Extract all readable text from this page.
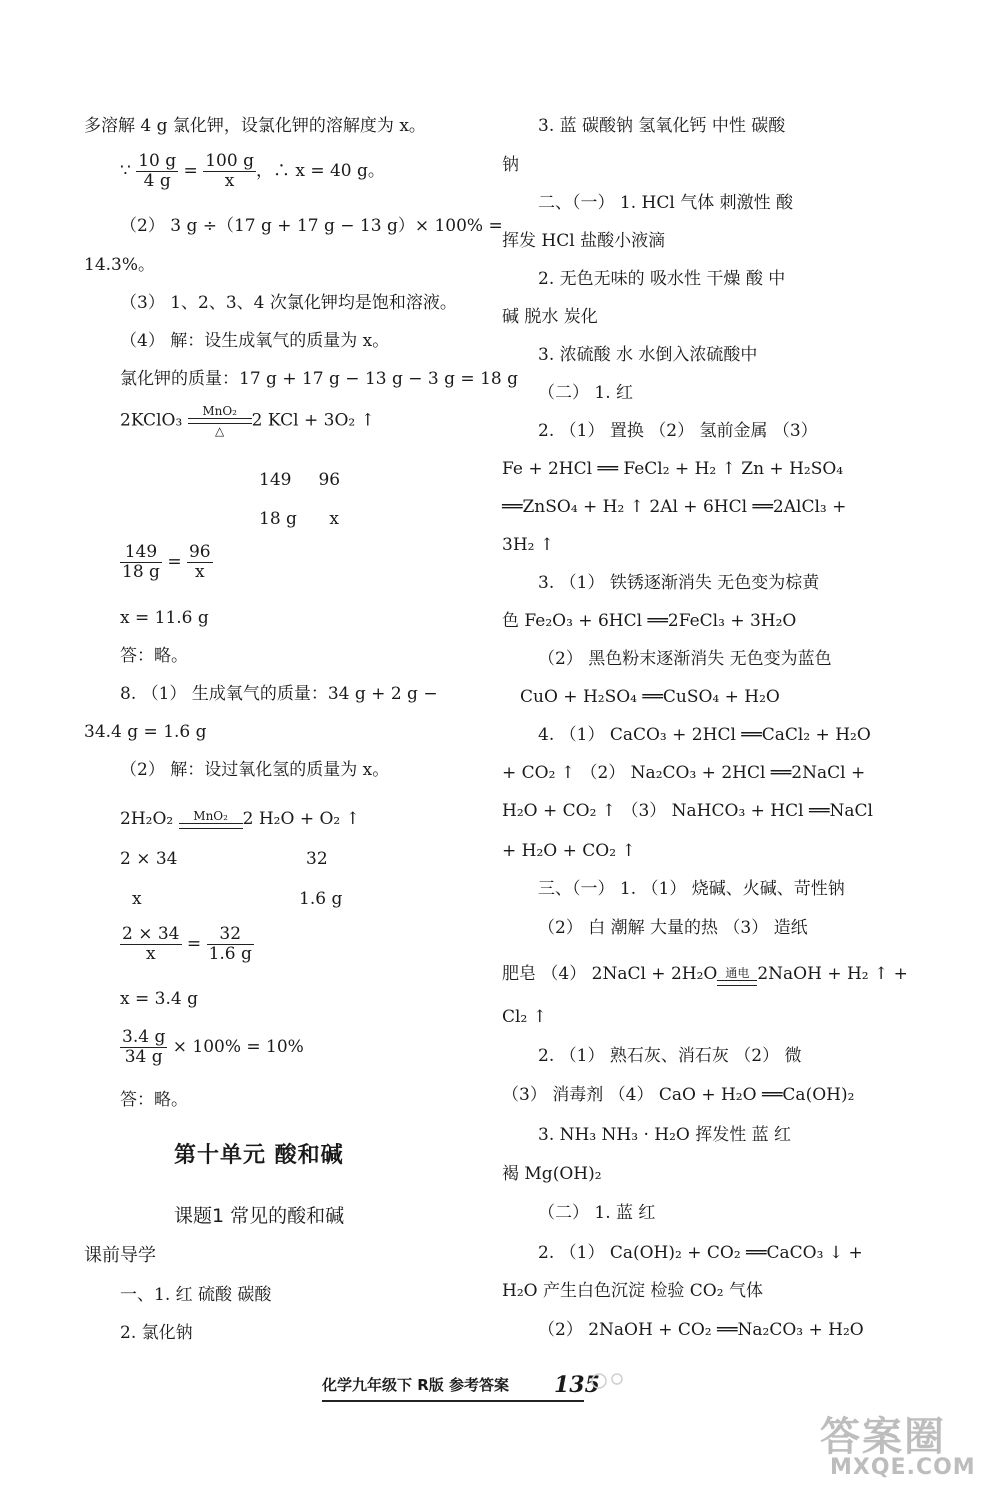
多溶解 4 g 氯化钾，设氯化钾的溶解度为 x。
∵ $\frac{10 g}{4 g} = \frac{100 g}{x}$ ，∴ x = 40 g。
（2） 3 g ÷（17 g + 17 g − 13 g）× 100% =
14.3%。
（3） 1、2、3、4 次氯化钾均是饱和溶液。
（4） 解：设生成氧气的质量为 x。
氯化钾的质量：17 g + 17 g − 13 g − 3 g = 18 g
2KClO₃	MnO₂
△
2 KCl + 3O₂ ↑
149     96
18 g      x
$\frac{149}{18 g} = \frac{96}{x}$
x = 11.6 g
答：略。
8. （1） 生成氧气的质量：34 g + 2 g −
34.4 g = 1.6 g
（2） 解：设过氧化氢的质量为 x。
2H₂O₂	MnO₂ 2 H₂O + O₂ ↑
2 × 34	32
x	1.6 g
$\frac{2 \times 34}{x} = \frac{32}{1.6 g}$
x = 3.4 g
$\frac{3.4 g}{34 g} \times 100\% = 10\%$
答：略。
第十单元 酸和碱
课题1 常见的酸和碱
课前导学
一、1. 红 硫酸 碳酸
2. 氯化钠
3. 蓝 碳酸钠 氢氧化钙 中性 碳酸
钠
二、（一） 1. HCl 气体 刺激性 酸
挥发 HCl 盐酸小液滴
2. 无色无味的 吸水性 干燥 酸 中
碱 脱水 炭化
3. 浓硫酸 水 水倒入浓硫酸中
（二） 1. 红
2. （1） 置换 （2） 氢前金属 （3）
Fe + 2HCl ══ FeCl₂ + H₂ ↑ Zn + H₂SO₄
══ZnSO₄ + H₂ ↑ 2Al + 6HCl ══2AlCl₃ +
3H₂ ↑
3. （1） 铁锈逐渐消失 无色变为棕黄
色 Fe₂O₃ + 6HCl ══2FeCl₃ + 3H₂O
（2） 黑色粉末逐渐消失 无色变为蓝色
CuO + H₂SO₄ ══CuSO₄ + H₂O
4. （1） CaCO₃ + 2HCl ══CaCl₂ + H₂O
+ CO₂ ↑ （2） Na₂CO₃ + 2HCl ══2NaCl +
H₂O + CO₂ ↑ （3） NaHCO₃ + HCl ══NaCl
+ H₂O + CO₂ ↑
三、（一） 1. （1） 烧碱、火碱、苛性钠
（2） 白 潮解 大量的热 （3） 造纸
肥皂 （4） 2NaCl + 2H₂O 通电 2NaOH + H₂ ↑ +
Cl₂ ↑
2. （1） 熟石灰、消石灰 （2） 微
（3） 消毒剂 （4） CaO + H₂O ══Ca(OH)₂
3. NH₃ NH₃ · H₂O 挥发性 蓝 红
褐 Mg(OH)₂
（二） 1. 蓝 红
2. （1） Ca(OH)₂ + CO₂ ══CaCO₃ ↓ +
H₂O 产生白色沉淀 检验 CO₂ 气体
（2） 2NaOH + CO₂ ══Na₂CO₃ + H₂O
化学九年级下 R版 参考答案 135
答案圈
MXQE.COM
